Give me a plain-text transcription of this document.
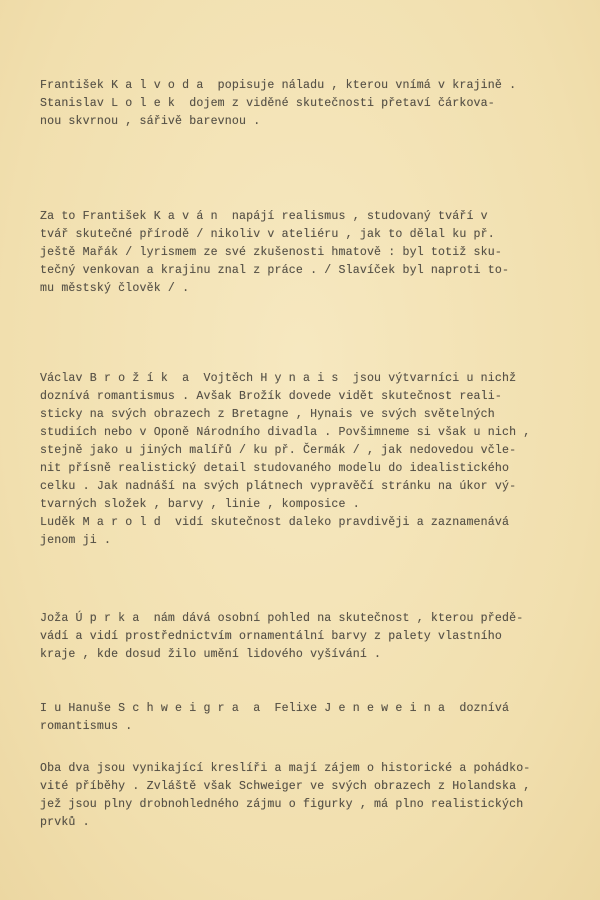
František K a l v o d a  popisuje náladu , kterou vnímá v krajině .
Stanislav L o l e k  dojem z viděné skutečnosti přetaví čárkova-
nou skvrnou , sářivě barevnou .
Za to František K a v á n  napájí realismus , studovaný tváří v
tvář skutečné přírodě / nikoliv v ateliéru , jak to dělal ku př.
ještě Mařák / lyrismem ze své zkušenosti hmatově : byl totiž sku-
tečný venkovan a krajinu znal z práce . / Slavíček byl naproti to-
mu městský člověk / .
Václav B r o ž í k  a  Vojtěch H y n a i s  jsou výtvarníci u nichž
doznívá romantismus . Avšak Brožík dovede vidět skutečnost reali-
sticky na svých obrazech z Bretagne , Hynais ve svých světelných
studiích nebo v Oponě Národního divadla . Povšimneme si však u nich ,
stejně jako u jiných malířů / ku př. Čermák / , jak nedovedou včle-
nit přísně realistický detail studovaného modelu do idealistického
celku . Jak nadnáší na svých plátnech vypravěčí stránku na úkor vý-
tvarných složek , barvy , linie , komposice .
Luděk M a r o l d  vidí skutečnost daleko pravdivěji a zaznamenává
jenom ji .
Joža Ú p r k a  nám dává osobní pohled na skutečnost , kterou předě-
vádí a vidí prostřednictvím ornamentální barvy z palety vlastního
kraje , kde dosud žilo umění lidového vyšívání .
I u Hanuše S c h w e i g r a  a  Felixe J e n e w e i n a  doznívá
romantismus .
Oba dva jsou vynikající kreslíři a mají zájem o historické a pohádko-
vité příběhy . Zvláště však Schweiger ve svých obrazech z Holandska ,
jež jsou plny drobnohledného zájmu o figurky , má plno realistických
prvků .
